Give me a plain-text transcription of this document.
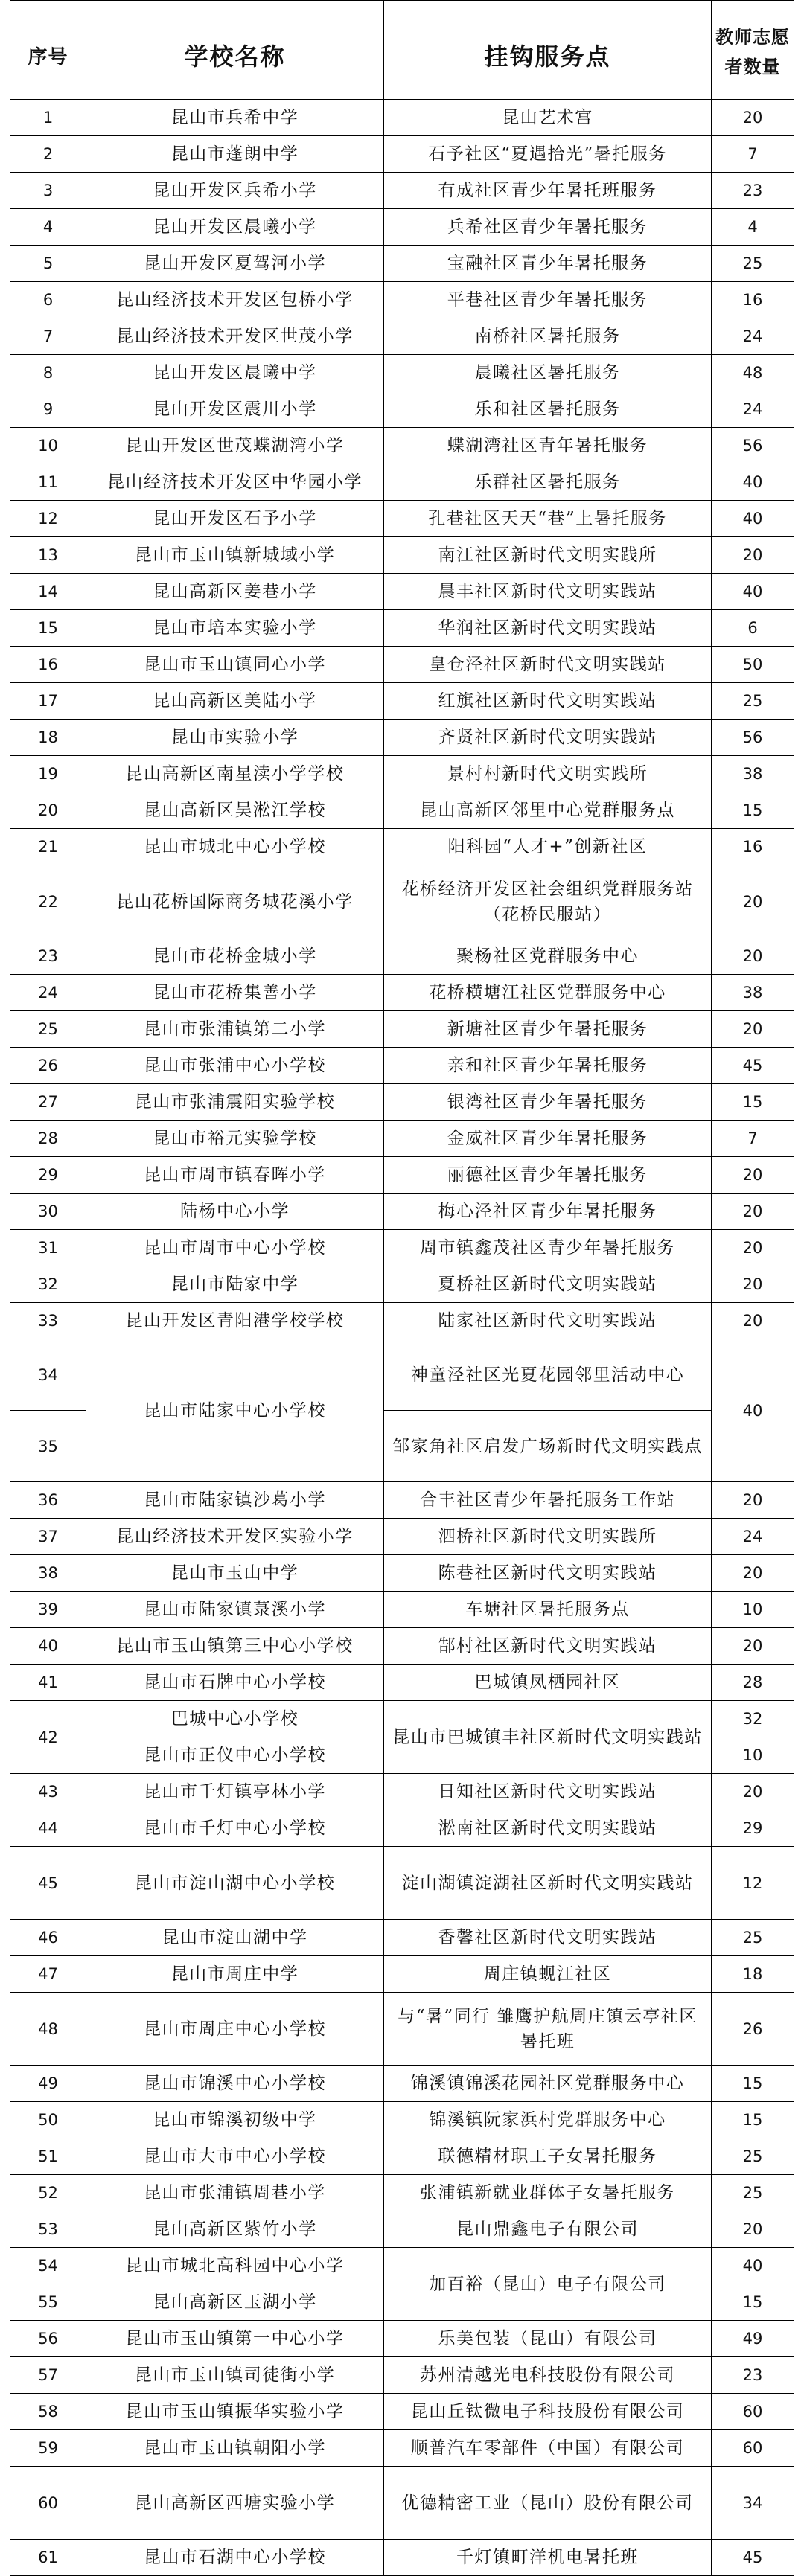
序号	学校名称	挂钩服务点	教师志愿者数量
1	昆山市兵希中学	昆山艺术宫	20
2	昆山市蓬朗中学	石予社区“夏遇拾光”暑托服务	7
3	昆山开发区兵希小学	有成社区青少年暑托班服务	23
4	昆山开发区晨曦小学	兵希社区青少年暑托服务	4
5	昆山开发区夏驾河小学	宝融社区青少年暑托服务	25
6	昆山经济技术开发区包桥小学	平巷社区青少年暑托服务	16
7	昆山经济技术开发区世茂小学	南桥社区暑托服务	24
8	昆山开发区晨曦中学	晨曦社区暑托服务	48
9	昆山开发区震川小学	乐和社区暑托服务	24
10	昆山开发区世茂蝶湖湾小学	蝶湖湾社区青年暑托服务	56
11	昆山经济技术开发区中华园小学	乐群社区暑托服务	40
12	昆山开发区石予小学	孔巷社区天天“巷”上暑托服务	40
13	昆山市玉山镇新城域小学	南江社区新时代文明实践所	20
14	昆山高新区姜巷小学	晨丰社区新时代文明实践站	40
15	昆山市培本实验小学	华润社区新时代文明实践站	6
16	昆山市玉山镇同心小学	皇仓泾社区新时代文明实践站	50
17	昆山高新区美陆小学	红旗社区新时代文明实践站	25
18	昆山市实验小学	齐贤社区新时代文明实践站	56
19	昆山高新区南星渎小学学校	景村村新时代文明实践所	38
20	昆山高新区吴淞江学校	昆山高新区邻里中心党群服务点	15
21	昆山市城北中心小学校	阳科园“人才+”创新社区	16
22	昆山花桥国际商务城花溪小学	花桥经济开发区社会组织党群服务站（花桥民服站）	20
23	昆山市花桥金城小学	聚杨社区党群服务中心	20
24	昆山市花桥集善小学	花桥横塘江社区党群服务中心	38
25	昆山市张浦镇第二小学	新塘社区青少年暑托服务	20
26	昆山市张浦中心小学校	亲和社区青少年暑托服务	45
27	昆山市张浦震阳实验学校	银湾社区青少年暑托服务	15
28	昆山市裕元实验学校	金威社区青少年暑托服务	7
29	昆山市周市镇春晖小学	丽德社区青少年暑托服务	20
30	陆杨中心小学	梅心泾社区青少年暑托服务	20
31	昆山市周市中心小学校	周市镇鑫茂社区青少年暑托服务	20
32	昆山市陆家中学	夏桥社区新时代文明实践站	20
33	昆山开发区青阳港学校学校	陆家社区新时代文明实践站	20
34	昆山市陆家中心小学校	神童泾社区光夏花园邻里活动中心	40
35		邹家角社区启发广场新时代文明实践点	
36	昆山市陆家镇沙葛小学	合丰社区青少年暑托服务工作站	20
37	昆山经济技术开发区实验小学	泗桥社区新时代文明实践所	24
38	昆山市玉山中学	陈巷社区新时代文明实践站	20
39	昆山市陆家镇菉溪小学	车塘社区暑托服务点	10
40	昆山市玉山镇第三中心小学校	郜村社区新时代文明实践站	20
41	昆山市石牌中心小学校	巴城镇凤栖园社区	28
42	巴城中心小学校	昆山市巴城镇丰社区新时代文明实践站	32
	昆山市正仪中心小学校		10
43	昆山市千灯镇亭林小学	日知社区新时代文明实践站	20
44	昆山市千灯中心小学校	淞南社区新时代文明实践站	29
45	昆山市淀山湖中心小学校	淀山湖镇淀湖社区新时代文明实践站	12
46	昆山市淀山湖中学	香馨社区新时代文明实践站	25
47	昆山市周庄中学	周庄镇蚬江社区	18
48	昆山市周庄中心小学校	与“暑”同行 雏鹰护航周庄镇云亭社区暑托班	26
49	昆山市锦溪中心小学校	锦溪镇锦溪花园社区党群服务中心	15
50	昆山市锦溪初级中学	锦溪镇阮家浜村党群服务中心	15
51	昆山市大市中心小学校	联德精材职工子女暑托服务	25
52	昆山市张浦镇周巷小学	张浦镇新就业群体子女暑托服务	25
53	昆山高新区紫竹小学	昆山鼎鑫电子有限公司	20
54	昆山市城北高科园中心小学	加百裕（昆山）电子有限公司	40
55	昆山高新区玉湖小学		15
56	昆山市玉山镇第一中心小学	乐美包装（昆山）有限公司	49
57	昆山市玉山镇司徒街小学	苏州清越光电科技股份有限公司	23
58	昆山市玉山镇振华实验小学	昆山丘钛微电子科技股份有限公司	60
59	昆山市玉山镇朝阳小学	顺普汽车零部件（中国）有限公司	60
60	昆山高新区西塘实验小学	优德精密工业（昆山）股份有限公司	34
61	昆山市石湖中心小学校	千灯镇町洋机电暑托班	45
